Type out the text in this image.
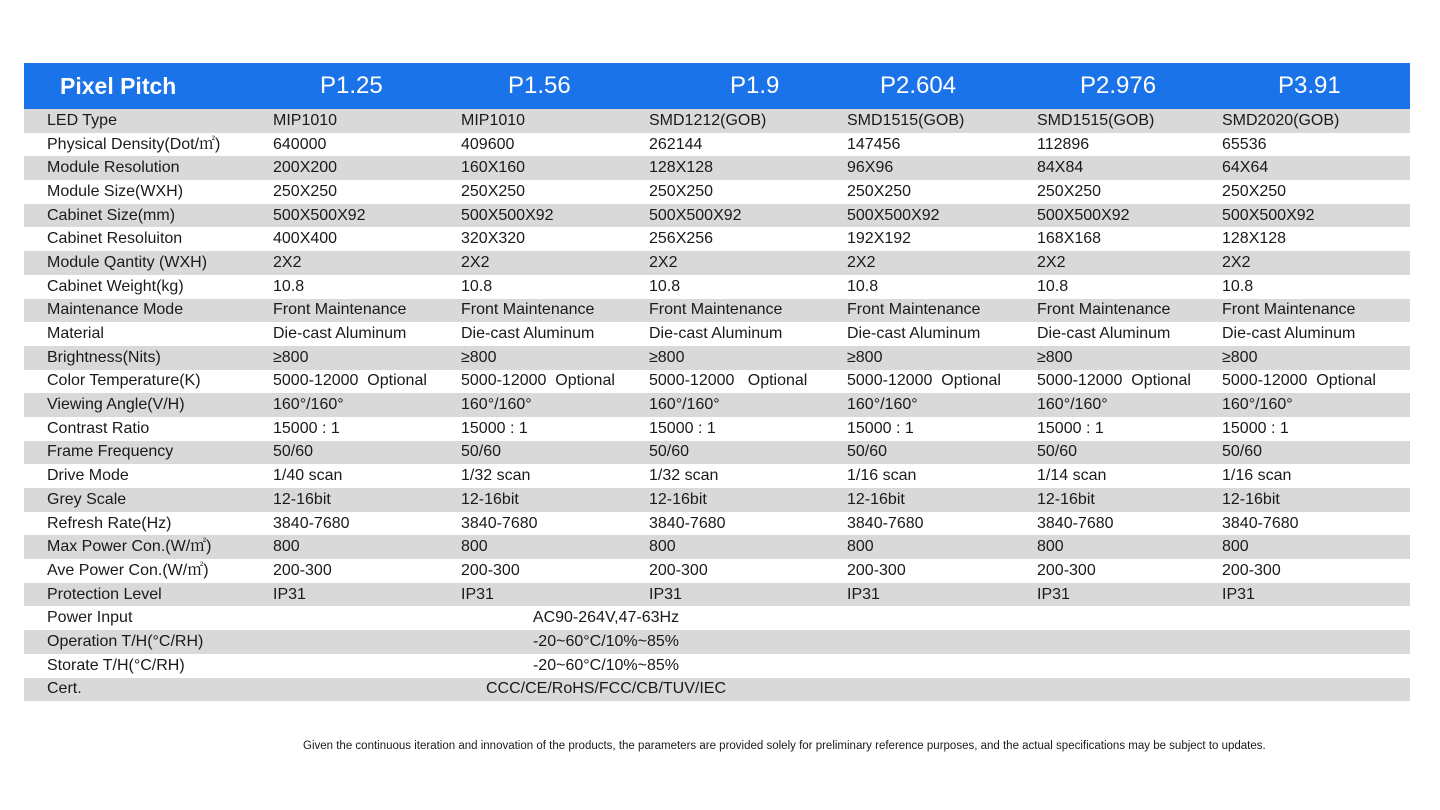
Pixel Pitch	P1.25	P1.56	P1.9	P2.604	P2.976	P3.91
LED Type	MIP1010	MIP1010	SMD1212(GOB)	SMD1515(GOB)	SMD1515(GOB)	SMD2020(GOB)
Physical Density(Dot/㎡)	640000	409600	262144	147456	112896	65536
Module Resolution	200X200	160X160	128X128	96X96	84X84	64X64
Module Size(WXH)	250X250	250X250	250X250	250X250	250X250	250X250
Cabinet Size(mm)	500X500X92	500X500X92	500X500X92	500X500X92	500X500X92	500X500X92
Cabinet Resoluiton	400X400	320X320	256X256	192X192	168X168	128X128
Module Qantity (WXH)	2X2	2X2	2X2	2X2	2X2	2X2
Cabinet Weight(kg)	10.8	10.8	10.8	10.8	10.8	10.8
Maintenance Mode	Front Maintenance	Front Maintenance	Front Maintenance	Front Maintenance	Front Maintenance	Front Maintenance
Material	Die-cast Aluminum	Die-cast Aluminum	Die-cast Aluminum	Die-cast Aluminum	Die-cast Aluminum	Die-cast Aluminum
Brightness(Nits)	≥800	≥800	≥800	≥800	≥800	≥800
Color Temperature(K)	5000-12000  Optional	5000-12000  Optional	5000-12000   Optional	5000-12000  Optional	5000-12000  Optional	5000-12000  Optional
Viewing Angle(V/H)	160°/160°	160°/160°	160°/160°	160°/160°	160°/160°	160°/160°
Contrast Ratio	15000 : 1	15000 : 1	15000 : 1	15000 : 1	15000 : 1	15000 : 1
Frame Frequency	50/60	50/60	50/60	50/60	50/60	50/60
Drive Mode	1/40 scan	1/32 scan	1/32 scan	1/16 scan	1/14 scan	1/16 scan
Grey Scale	12-16bit	12-16bit	12-16bit	12-16bit	12-16bit	12-16bit
Refresh Rate(Hz)	3840-7680	3840-7680	3840-7680	3840-7680	3840-7680	3840-7680
Max Power Con.(W/㎡)	800	800	800	800	800	800
Ave Power Con.(W/㎡)	200-300	200-300	200-300	200-300	200-300	200-300
Protection Level	IP31	IP31	IP31	IP31	IP31	IP31
Power Input	AC90-264V,47-63Hz					
Operation T/H(°C/RH)	-20~60°C/10%~85%					
Storate T/H(°C/RH)	-20~60°C/10%~85%					
Cert.	CCC/CE/RoHS/FCC/CB/TUV/IEC					
Given the continuous iteration and innovation of the products, the parameters are provided solely for preliminary reference purposes, and the actual specifications may be subject to updates.
